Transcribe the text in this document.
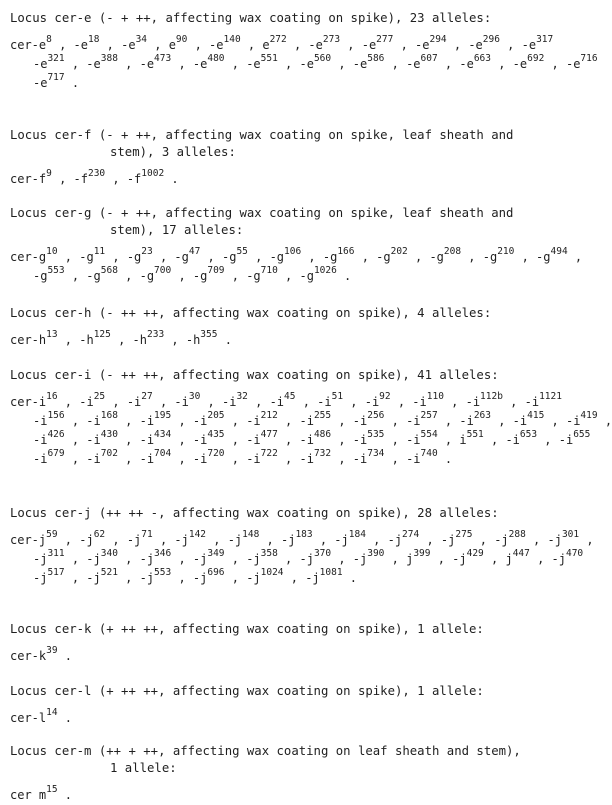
Locus cer-e (- + ++, affecting wax coating on spike), 23 alleles:
cer-$e^8$ , $-e^{18}$ , $-e^{34}$ , $e^{90}$ , $-e^{140}$ , $e^{272}$ , $-e^{273}$ , $-e^{277}$ , $-e^{294}$ , $-e^{296}$ , $-e^{317}$
$-e^{321}$ , $-e^{388}$ , $-e^{473}$ , $-e^{480}$ , $-e^{551}$ , $-e^{560}$ , $-e^{586}$ , $-e^{607}$ , $-e^{663}$ , $-e^{692}$ , $-e^{716}$
$-e^{717}$ .
Locus cer-f (- + ++, affecting wax coating on spike, leaf sheath and
stem), 3 alleles:
cer-$f^9$ , $-f^{230}$ , $-f^{1002}$ .
Locus cer-g (- + ++, affecting wax coating on spike, leaf sheath and
stem), 17 alleles:
cer-$g^{10}$ , $-g^{11}$ , $-g^{23}$ , $-g^{47}$ , $-g^{55}$ , $-g^{106}$ , $-g^{166}$ , $-g^{202}$ , $-g^{208}$ , $-g^{210}$ , $-g^{494}$ ,
$-g^{553}$ , $-g^{568}$ , $-g^{700}$ , $-g^{709}$ , $-g^{710}$ , $-g^{1026}$ .
Locus cer-h (- ++ ++, affecting wax coating on spike), 4 alleles:
cer-$h^{13}$ , $-h^{125}$ , $-h^{233}$ , $-h^{355}$ .
Locus cer-i (- ++ ++, affecting wax coating on spike), 41 alleles:
cer-$i^{16}$ , $-i^{25}$ , $-i^{27}$ , $-i^{30}$ , $-i^{32}$ , $-i^{45}$ , $-i^{51}$ , $-i^{92}$ , $-i^{110}$ , $-i^{112b}$ , $-i^{1121}$
$-i^{156}$ , $-i^{168}$ , $-i^{195}$ , $-i^{205}$ , $-i^{212}$ , $-i^{255}$ , $-i^{256}$ , $-i^{257}$ , $-i^{263}$ , $-i^{415}$ , $-i^{419}$ ,
$-i^{426}$ , $-i^{430}$ , $-i^{434}$ , $-i^{435}$ , $-i^{477}$ , $-i^{486}$ , $-i^{535}$ , $-i^{554}$ , $i^{551}$ , $-i^{653}$ , $-i^{655}$
$-i^{679}$ , $-i^{702}$ , $-i^{704}$ , $-i^{720}$ , $-i^{722}$ , $-i^{732}$ , $-i^{734}$ , $-i^{740}$ .
Locus cer-j (++ ++ -, affecting wax coating on spike), 28 alleles:
cer-$j^{59}$ , $-j^{62}$ , $-j^{71}$ , $-j^{142}$ , $-j^{148}$ , $-j^{183}$ , $-j^{184}$ , $-j^{274}$ , $-j^{275}$ , $-j^{288}$ , $-j^{301}$ ,
$-j^{311}$ , $-j^{340}$ , $-j^{346}$ , $-j^{349}$ , $-j^{358}$ , $-j^{370}$ , $-j^{390}$ , $j^{399}$ , $-j^{429}$ , $j^{447}$ , $-j^{470}$
$-j^{517}$ , $-j^{521}$ , $-j^{553}$ , $-j^{696}$ , $-j^{1024}$ , $-j^{1081}$ .
Locus cer-k (+ ++ ++, affecting wax coating on spike), 1 allele:
cer-$k^{39}$ .
Locus cer-l (+ ++ ++, affecting wax coating on spike), 1 allele:
cer-$l^{14}$ .
Locus cer-m (++ + ++, affecting wax coating on leaf sheath and stem),
1 allele:
cer $m^{15}$ .
